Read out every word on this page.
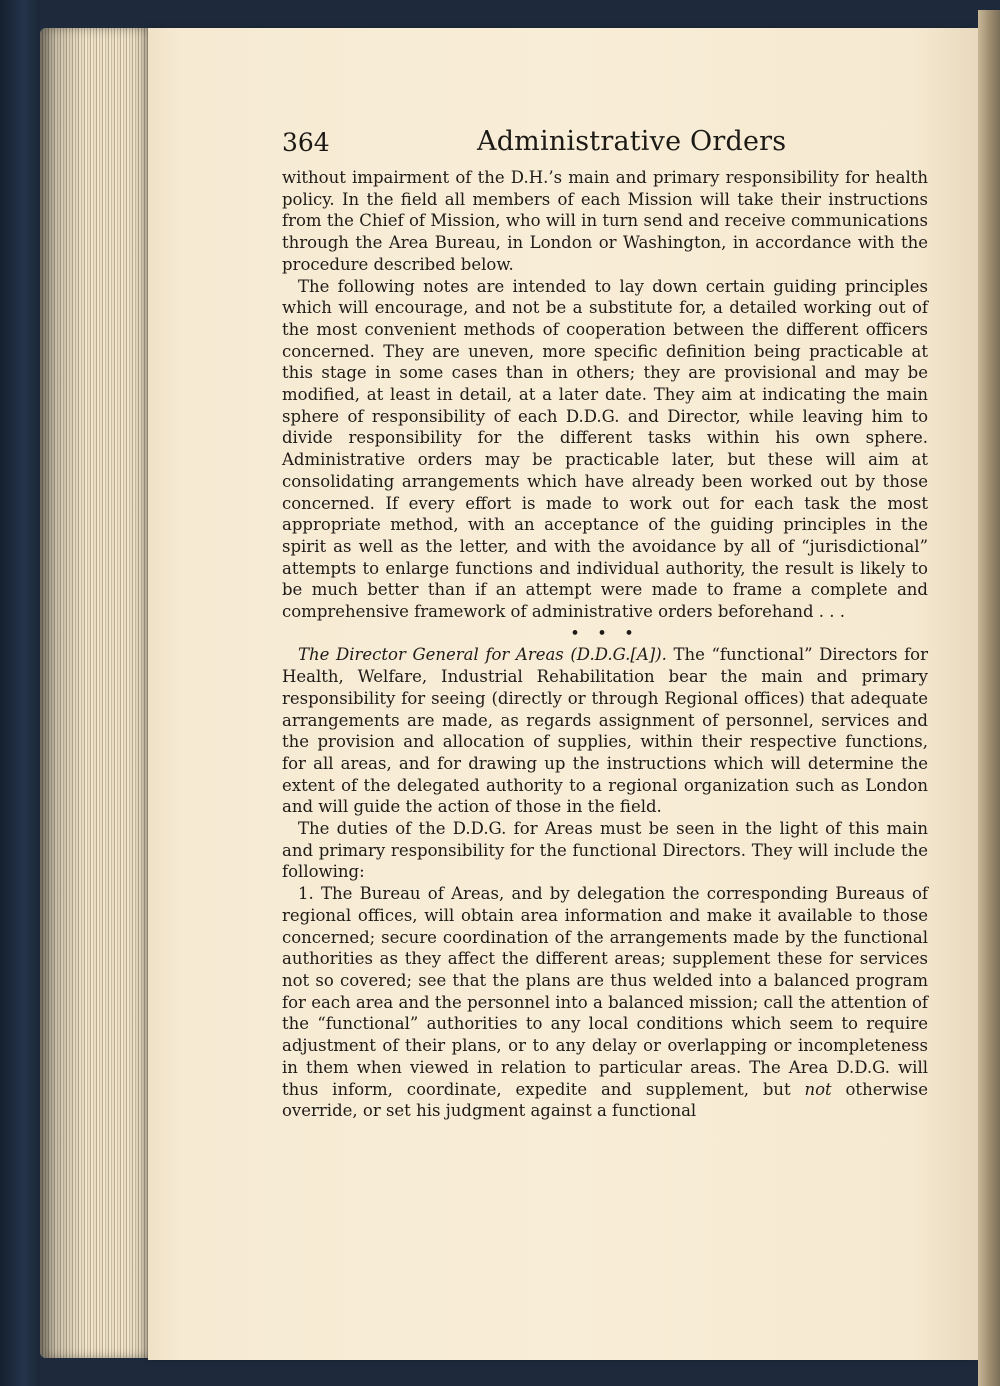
364	Administrative Orders

without impairment of the D.H.’s main and primary responsibility for health policy. In the field all members of each Mission will take their instructions from the Chief of Mission, who will in turn send and receive communications through the Area Bureau, in London or Washington, in accordance with the procedure described below.

The following notes are intended to lay down certain guiding principles which will encourage, and not be a substitute for, a detailed working out of the most convenient methods of cooperation between the different officers concerned. They are uneven, more specific definition being practicable at this stage in some cases than in others; they are provisional and may be modified, at least in detail, at a later date. They aim at indicating the main sphere of responsibility of each D.D.G. and Director, while leaving him to divide responsibility for the different tasks within his own sphere. Administrative orders may be practicable later, but these will aim at consolidating arrangements which have already been worked out by those concerned. If every effort is made to work out for each task the most appropriate method, with an acceptance of the guiding principles in the spirit as well as the letter, and with the avoidance by all of “jurisdictional” attempts to enlarge functions and individual authority, the result is likely to be much better than if an attempt were made to frame a complete and comprehensive framework of administrative orders beforehand . . .

• • •

The Director General for Areas (D.D.G.[A]). The “functional” Directors for Health, Welfare, Industrial Rehabilitation bear the main and primary responsibility for seeing (directly or through Regional offices) that adequate arrangements are made, as regards assignment of personnel, services and the provision and allocation of supplies, within their respective functions, for all areas, and for drawing up the instructions which will determine the extent of the delegated authority to a regional organization such as London and will guide the action of those in the field.

The duties of the D.D.G. for Areas must be seen in the light of this main and primary responsibility for the functional Directors. They will include the following:

1. The Bureau of Areas, and by delegation the corresponding Bureaus of regional offices, will obtain area information and make it available to those concerned; secure coordination of the arrangements made by the functional authorities as they affect the different areas; supplement these for services not so covered; see that the plans are thus welded into a balanced program for each area and the personnel into a balanced mission; call the attention of the “functional” authorities to any local conditions which seem to require adjustment of their plans, or to any delay or overlapping or incompleteness in them when viewed in relation to particular areas. The Area D.D.G. will thus inform, coordinate, expedite and supplement, but not otherwise override, or set his judgment against a functional
